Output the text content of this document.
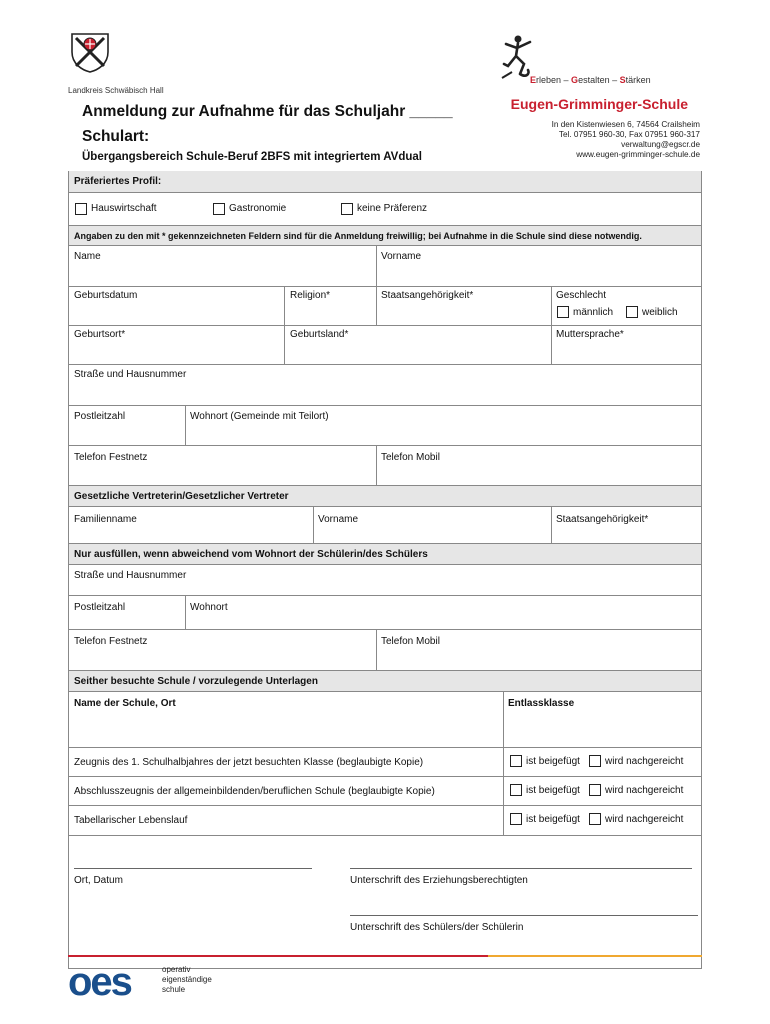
Landkreis Schwäbisch Hall
Anmeldung zur Aufnahme für das Schuljahr _____
Schulart:
Übergangsbereich Schule-Beruf 2BFS mit integriertem AVdual
Erleben – Gestalten – Stärken
Eugen-Grimminger-Schule
In den Kistenwiesen 6, 74564 Crailsheim
Tel. 07951 960-30, Fax 07951 960-317
verwaltung@egscr.de
www.eugen-grimminger-schule.de
Präferiertes Profil:
Hauswirtschaft	Gastronomie	keine Präferenz
Angaben zu den mit * gekennzeichneten Feldern sind für die Anmeldung freiwillig; bei Aufnahme in die Schule sind diese notwendig.
Name	Vorname
Geburtsdatum	Religion*	Staatsangehörigkeit*	Geschlecht
männlich	weiblich
Geburtsort*	Geburtsland*	Muttersprache*
Straße und Hausnummer
Postleitzahl	Wohnort (Gemeinde mit Teilort)
Telefon Festnetz	Telefon Mobil
Gesetzliche Vertreterin/Gesetzlicher Vertreter
Familienname	Vorname	Staatsangehörigkeit*
Nur ausfüllen, wenn abweichend vom Wohnort der Schülerin/des Schülers
Straße und Hausnummer
Postleitzahl	Wohnort
Telefon Festnetz	Telefon Mobil
Seither besuchte Schule / vorzulegende Unterlagen
Name der Schule, Ort	Entlassklasse
Zeugnis des 1. Schulhalbjahres der jetzt besuchten Klasse (beglaubigte Kopie)	ist beigefügt	wird nachgereicht
Abschlusszeugnis der allgemeinbildenden/beruflichen Schule (beglaubigte Kopie)	ist beigefügt	wird nachgereicht
Tabellarischer Lebenslauf	ist beigefügt	wird nachgereicht
Ort, Datum	Unterschrift des Erziehungsberechtigten
Unterschrift des Schülers/der Schülerin
oes	operativ
eigenständige
schule
